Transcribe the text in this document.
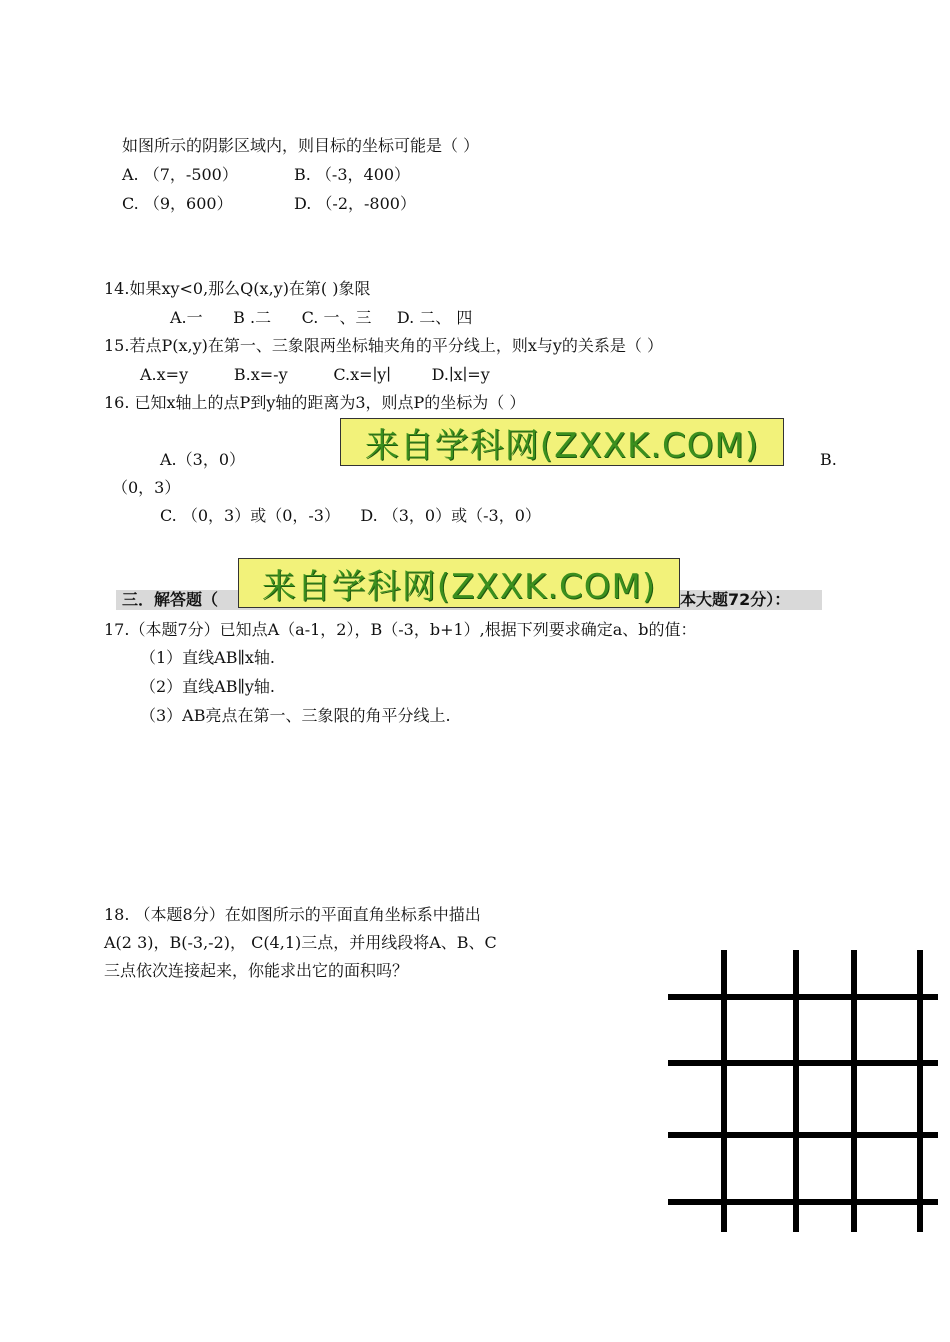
如图所示的阴影区域内，则目标的坐标可能是（ ）
A. （7，-500）	B. （-3，400）
C. （9，600）	D. （-2，-800）
14.如果xy<0,那么Q(x,y)在第( )象限
A.一      B .二      C. 一、三     D. 二、 四
15.若点P(x,y)在第一、三象限两坐标轴夹角的平分线上，则x与y的关系是（ ）
A.x=y         B.x=-y         C.x=∣y∣        D.∣x∣=y
16. 已知x轴上的点P到y轴的距离为3，则点P的坐标为（ ）
A.（3，0）	B.
（0，3）
C. （0，3）或（0，-3）    D. （3，0）或（-3，0）
来自学科网(ZXXK.COM)
三．解答题（	本大题72分）：
来自学科网(ZXXK.COM)
17.（本题7分）已知点A（a-1，2），B（-3，b+1）,根据下列要求确定a、b的值：
（1）直线AB∥x轴.
（2）直线AB∥y轴.
（3）AB亮点在第一、三象限的角平分线上.
18. （本题8分）在如图所示的平面直角坐标系中描出
A(2 3)，B(-3,-2)， C(4,1)三点，并用线段将A、B、C
三点依次连接起来，你能求出它的面积吗？
